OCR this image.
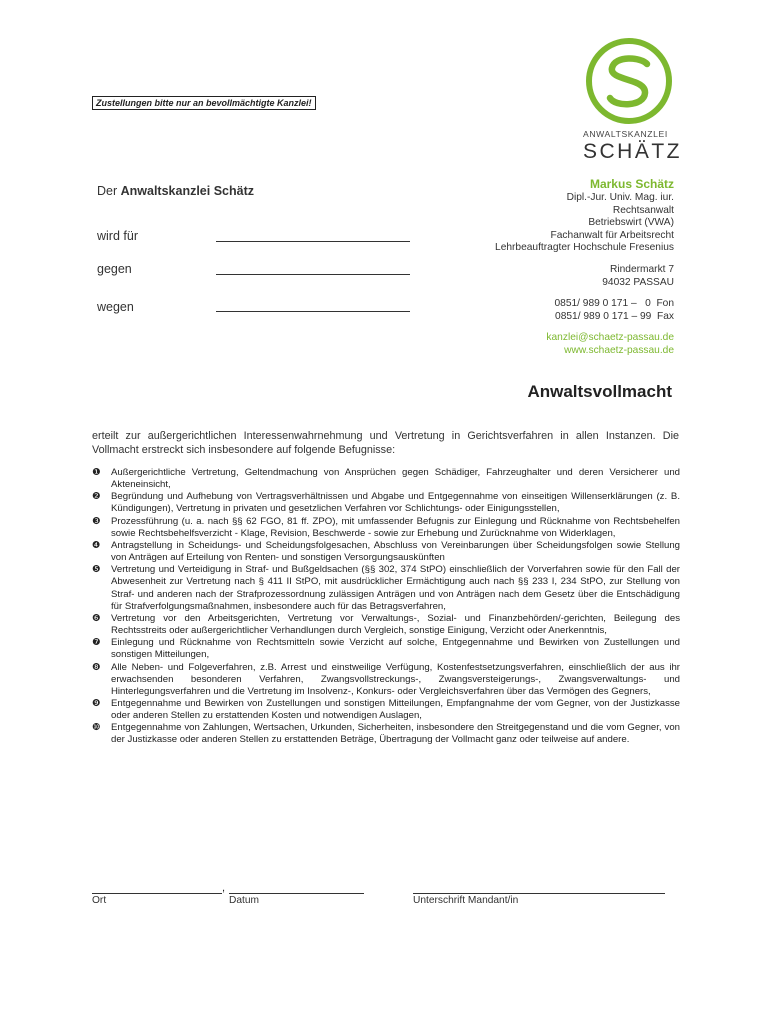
Zustellungen bitte nur an bevollmächtigte Kanzlei!
ANWALTSKANZLEI
SCHÄTZ
Markus Schätz
Dipl.-Jur. Univ. Mag. iur.
Rechtsanwalt
Betriebswirt (VWA)
Fachanwalt für Arbeitsrecht
Lehrbeauftragter Hochschule Fresenius
Rindermarkt 7
94032 PASSAU
0851/ 989 0 171 –   0  Fon
0851/ 989 0 171 – 99  Fax
kanzlei@schaetz-passau.de
www.schaetz-passau.de
Der Anwaltskanzlei Schätz
wird für
gegen
wegen
Anwaltsvollmacht
erteilt zur außergerichtlichen Interessenwahrnehmung und Vertretung in Gerichtsverfahren in allen Instanzen. Die Vollmacht erstreckt sich insbesondere auf folgende Befugnisse:
❶ Außergerichtliche Vertretung, Geltendmachung von Ansprüchen gegen Schädiger, Fahrzeughalter und deren Versicherer und Akteneinsicht,
❷ Begründung und Aufhebung von Vertragsverhältnissen und Abgabe und Entgegennahme von einseitigen Willenserklärungen (z. B. Kündigungen), Vertretung in privaten und gesetzlichen Verfahren vor Schlichtungs- oder Einigungsstellen,
❸ Prozessführung (u. a. nach §§ 62 FGO, 81 ff. ZPO), mit umfassender Befugnis zur Einlegung und Rücknahme von Rechtsbehelfen sowie Rechtsbehelfsverzicht - Klage, Revision, Beschwerde - sowie zur Erhebung und Zurücknahme von Widerklagen,
❹ Antragstellung in Scheidungs- und Scheidungsfolgesachen, Abschluss von Vereinbarungen über Scheidungsfolgen sowie Stellung von Anträgen auf Erteilung von Renten- und sonstigen Versorgungsauskünften
❺ Vertretung und Verteidigung in Straf- und Bußgeldsachen (§§ 302, 374 StPO) einschließlich der Vorverfahren sowie für den Fall der Abwesenheit zur Vertretung nach § 411 II StPO, mit ausdrücklicher Ermächtigung auch nach §§ 233 I, 234 StPO, zur Stellung von Straf- und anderen nach der Strafprozessordnung zulässigen Anträgen und von Anträgen nach dem Gesetz über die Entschädigung für Strafverfolgungsmaßnahmen, insbesondere auch für das Betragsverfahren,
❻ Vertretung vor den Arbeitsgerichten, Vertretung vor Verwaltungs-, Sozial- und Finanzbehörden/-gerichten, Beilegung des Rechtsstreits oder außergerichtlicher Verhandlungen durch Vergleich, sonstige Einigung, Verzicht oder Anerkenntnis,
❼ Einlegung und Rücknahme von Rechtsmitteln sowie Verzicht auf solche, Entgegennahme und Bewirken von Zustellungen und sonstigen Mitteilungen,
❽ Alle Neben- und Folgeverfahren, z.B. Arrest und einstweilige Verfügung, Kostenfestsetzungsverfahren, einschließlich der aus ihr erwachsenden besonderen Verfahren, Zwangsvollstreckungs-, Zwangsversteigerungs-, Zwangsverwaltungs- und Hinterlegungsverfahren und die Vertretung im Insolvenz-, Konkurs- oder Vergleichsverfahren über das Vermögen des Gegners,
❾ Entgegennahme und Bewirken von Zustellungen und sonstigen Mitteilungen, Empfangnahme der vom Gegner, von der Justizkasse oder anderen Stellen zu erstattenden Kosten und notwendigen Auslagen,
❿ Entgegennahme von Zahlungen, Wertsachen, Urkunden, Sicherheiten, insbesondere den Streitgegenstand und die vom Gegner, von der Justizkasse oder anderen Stellen zu erstattenden Beträge, Übertragung der Vollmacht ganz oder teilweise auf andere.
,
Ort	Datum	Unterschrift Mandant/in
